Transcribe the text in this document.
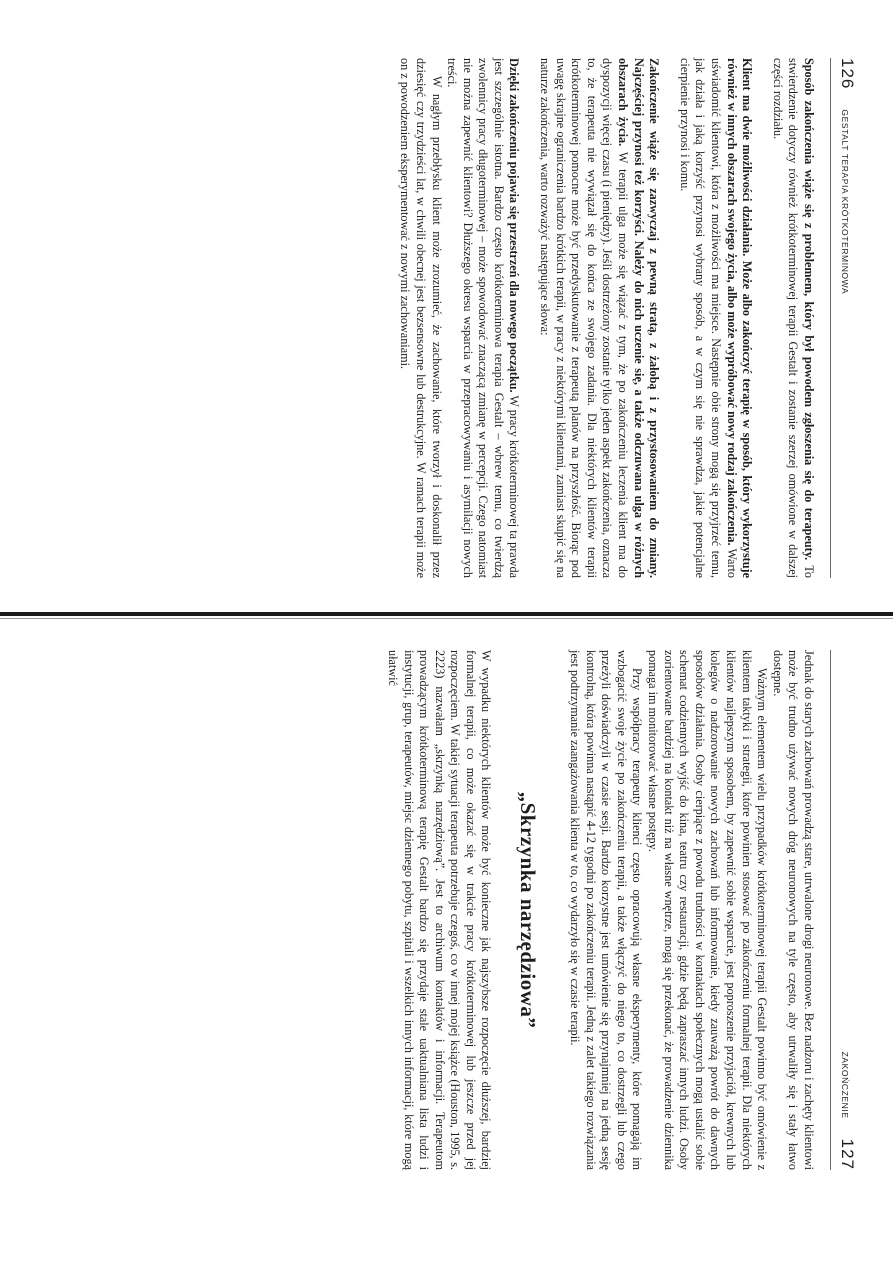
126
GESTALT TERAPIA KRÓTKOTERMINOWA

Sposób zakończenia wiąże się z problemem, który był powodem zgłoszenia się do terapeuty. To stwierdzenie dotyczy również krótkoterminowej terapii Gestalt i zostanie szerzej omówione w dalszej części rozdziału.

Klient ma dwie możliwości działania. Może albo zakończyć terapię w sposób, który wykorzystuje również w innych obszarach swojego życia, albo może wypróbować nowy rodzaj zakończenia. Warto uświadomić klientowi, która z możliwości ma miejsce. Następnie obie strony mogą się przyjrzeć temu, jak działa i jaką korzyść przynosi wybrany sposób, a w czym się nie sprawdza, jakie potencjalne cierpienie przynosi i komu.

Zakończenie wiąże się zazwyczaj z pewną stratą, z żałobą i z przystosowaniem do zmiany. Najczęściej przynosi też korzyści. Należy do nich uczenie się, a także odczuwana ulga w różnych obszarach życia. W terapii ulga może się wiązać z tym, że po zakończeniu leczenia klient ma do dyspozycji więcej czasu (i pieniędzy). Jeśli dostrzeżony zostanie tylko jeden aspekt zakończenia, oznacza to, że terapeuta nie wywiązał się do końca ze swojego zadania. Dla niektórych klientów terapii krótkoterminowej pomocne może być przedyskutowanie z terapeutą planów na przyszłość. Biorąc pod uwagę skrajne ograniczenia bardzo krótkich terapii, w pracy z niektórymi klientami, zamiast skupić się na naturze zakończenia, warto rozważyć następujące słowa:

Dzięki zakończeniu pojawia się przestrzeń dla nowego początku. W pracy krótkoterminowej ta prawda jest szczególnie istotna. Bardzo często krótkoterminowa terapia Gestalt – wbrew temu, co twierdzą zwolennicy pracy długoterminowej – może spowodować znaczącą zmianę w percepcji. Czego natomiast nie można zapewnić klientowi? Dłuższego okresu wsparcia w przepracowywaniu i asymilacji nowych treści.

W nagłym przebłysku klient może zrozumieć, że zachowanie, które tworzył i doskonalił przez dziesięć czy trzydzieści lat, w chwili obecnej jest bezsensowne lub destrukcyjne. W ramach terapii może on z powodzeniem eksperymentować z nowymi zachowaniami.

ZAKOŃCZENIE
127

Jednak do starych zachowań prowadzą stare, utrwalone drogi neuronowe. Bez nadzoru i zachęty klientowi może być trudno używać nowych dróg neuronowych na tyle często, aby utrwaliły się i stały łatwo dostępne.

Ważnym elementem wielu przypadków krótkoterminowej terapii Gestalt powinno być omówienie z klientem taktyki i strategii, które powinien stosować po zakończeniu formalnej terapii. Dla niektórych klientów najlepszym sposobem, by zapewnić sobie wsparcie, jest poproszenie przyjaciół, krewnych lub kolegów o nadzorowanie nowych zachowań lub informowanie, kiedy zauważą powrót do dawnych sposobów działania. Osoby cierpiące z powodu trudności w kontaktach społecznych mogą ustalić sobie schemat codziennych wyjść do kina, teatru czy restauracji, gdzie będą zapraszać innych ludzi. Osoby zorientowane bardziej na kontakt niż na własne wnętrze, mogą się przekonać, że prowadzenie dziennika pomaga im monitorować własne postępy.

Przy współpracy terapeuty klienci często opracowują własne eksperymenty, które pomagają im wzbogacić swoje życie po zakończeniu terapii, a także włączyć do niego to, co dostrzegli lub czego przeżyli doświadczyli w czasie sesji. Bardzo korzystne jest umówienie się przynajmniej na jedną sesję kontrolną, która powinna nastąpić 4-12 tygodni po zakończeniu terapii. Jedną z zalet takiego rozwiązania jest podtrzymanie zaangażowania klienta w to, co wydarzyło się w czasie terapii.

„Skrzynka narzędziowa”

W wypadku niektórych klientów może być konieczne jak najszybsze rozpoczęcie dłuższej, bardziej formalnej terapii, co może okazać się w trakcie pracy krótkoterminowej lub jeszcze przed jej rozpoczęciem. W takiej sytuacji terapeuta potrzebuje czegoś, co w innej mojej książce (Houston, 1995, s. 2223) nazwałam „skrzynką narzędziową”. Jest to archiwum kontaktów i informacji. Terapeutom prowadzącym krótkoterminową terapię Gestalt bardzo się przydaje stale uaktualniana lista ludzi i instytucji, grup, terapeutów, miejsc dziennego pobytu, szpitali i wszelkich innych informacji, które mogą ułatwić
